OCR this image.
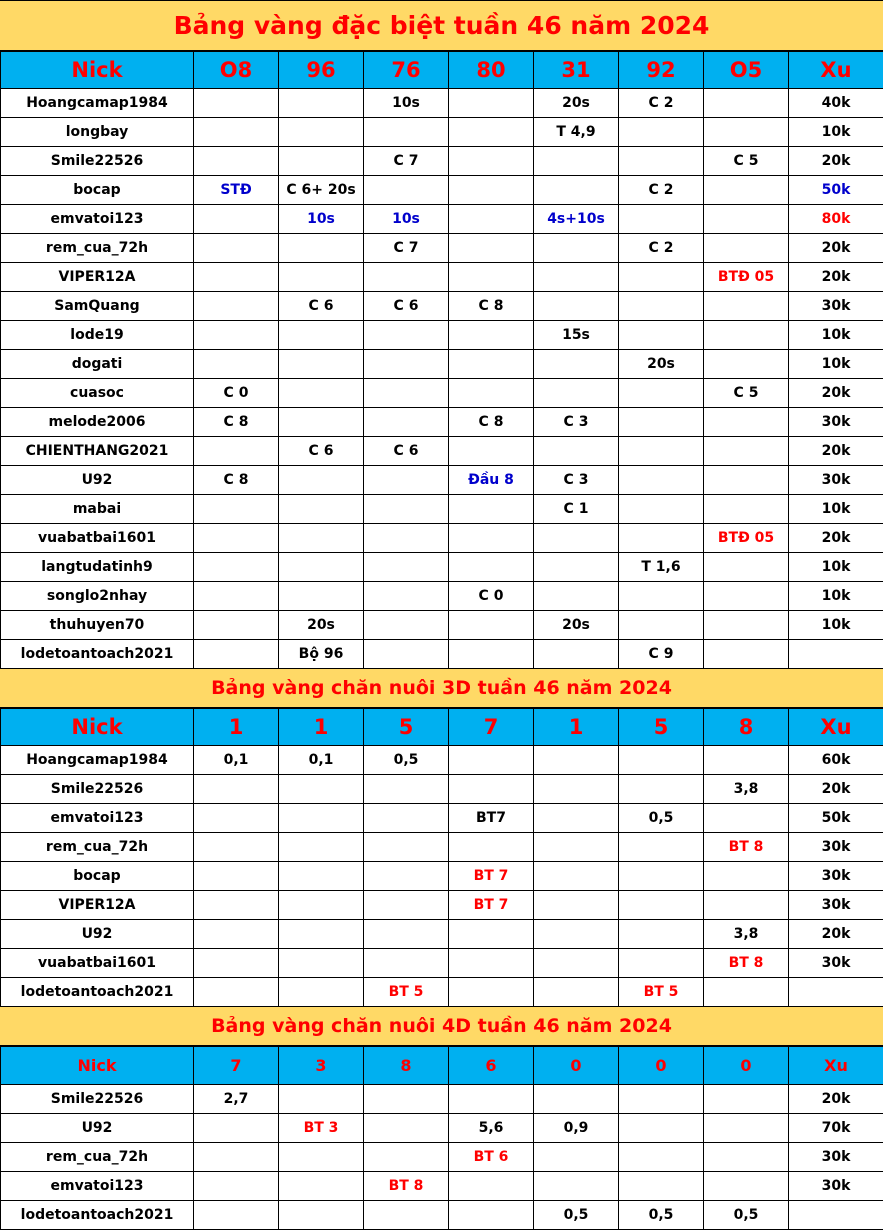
Bảng vàng đặc biệt tuần 46 năm 2024
Nick	O8	96	76	80	31	92	O5	Xu
Hoangcamap1984			10s		20s	C 2		40k
longbay					T 4,9			10k
Smile22526			C 7				C 5	20k
bocap	STĐ	C 6+ 20s				C 2		50k
emvatoi123		10s	10s		4s+10s			80k
rem_cua_72h			C 7			C 2		20k
VIPER12A							BTĐ 05	20k
SamQuang		C 6	C 6	C 8				30k
lode19					15s			10k
dogati						20s		10k
cuasoc	C 0						C 5	20k
melode2006	C 8			C 8	C 3			30k
CHIENTHANG2021		C 6	C 6					20k
U92	C 8			Đầu 8	C 3			30k
mabai					C 1			10k
vuabatbai1601							BTĐ 05	20k
langtudatinh9						T 1,6		10k
songlo2nhay				C 0				10k
thuhuyen70		20s			20s			10k
lodetoantoach2021		Bộ 96				C 9		
Bảng vàng chăn nuôi 3D tuần 46 năm 2024
Nick	1	1	5	7	1	5	8	Xu
Hoangcamap1984	0,1	0,1	0,5					60k
Smile22526							3,8	20k
emvatoi123				BT7		0,5		50k
rem_cua_72h							BT 8	30k
bocap				BT 7				30k
VIPER12A				BT 7				30k
U92							3,8	20k
vuabatbai1601							BT 8	30k
lodetoantoach2021			BT 5			BT 5		
Bảng vàng chăn nuôi 4D tuần 46 năm 2024
Nick	7	3	8	6	0	0	0	Xu
Smile22526	2,7							20k
U92		BT 3		5,6	0,9			70k
rem_cua_72h				BT 6				30k
emvatoi123			BT 8					30k
lodetoantoach2021					0,5	0,5	0,5	
